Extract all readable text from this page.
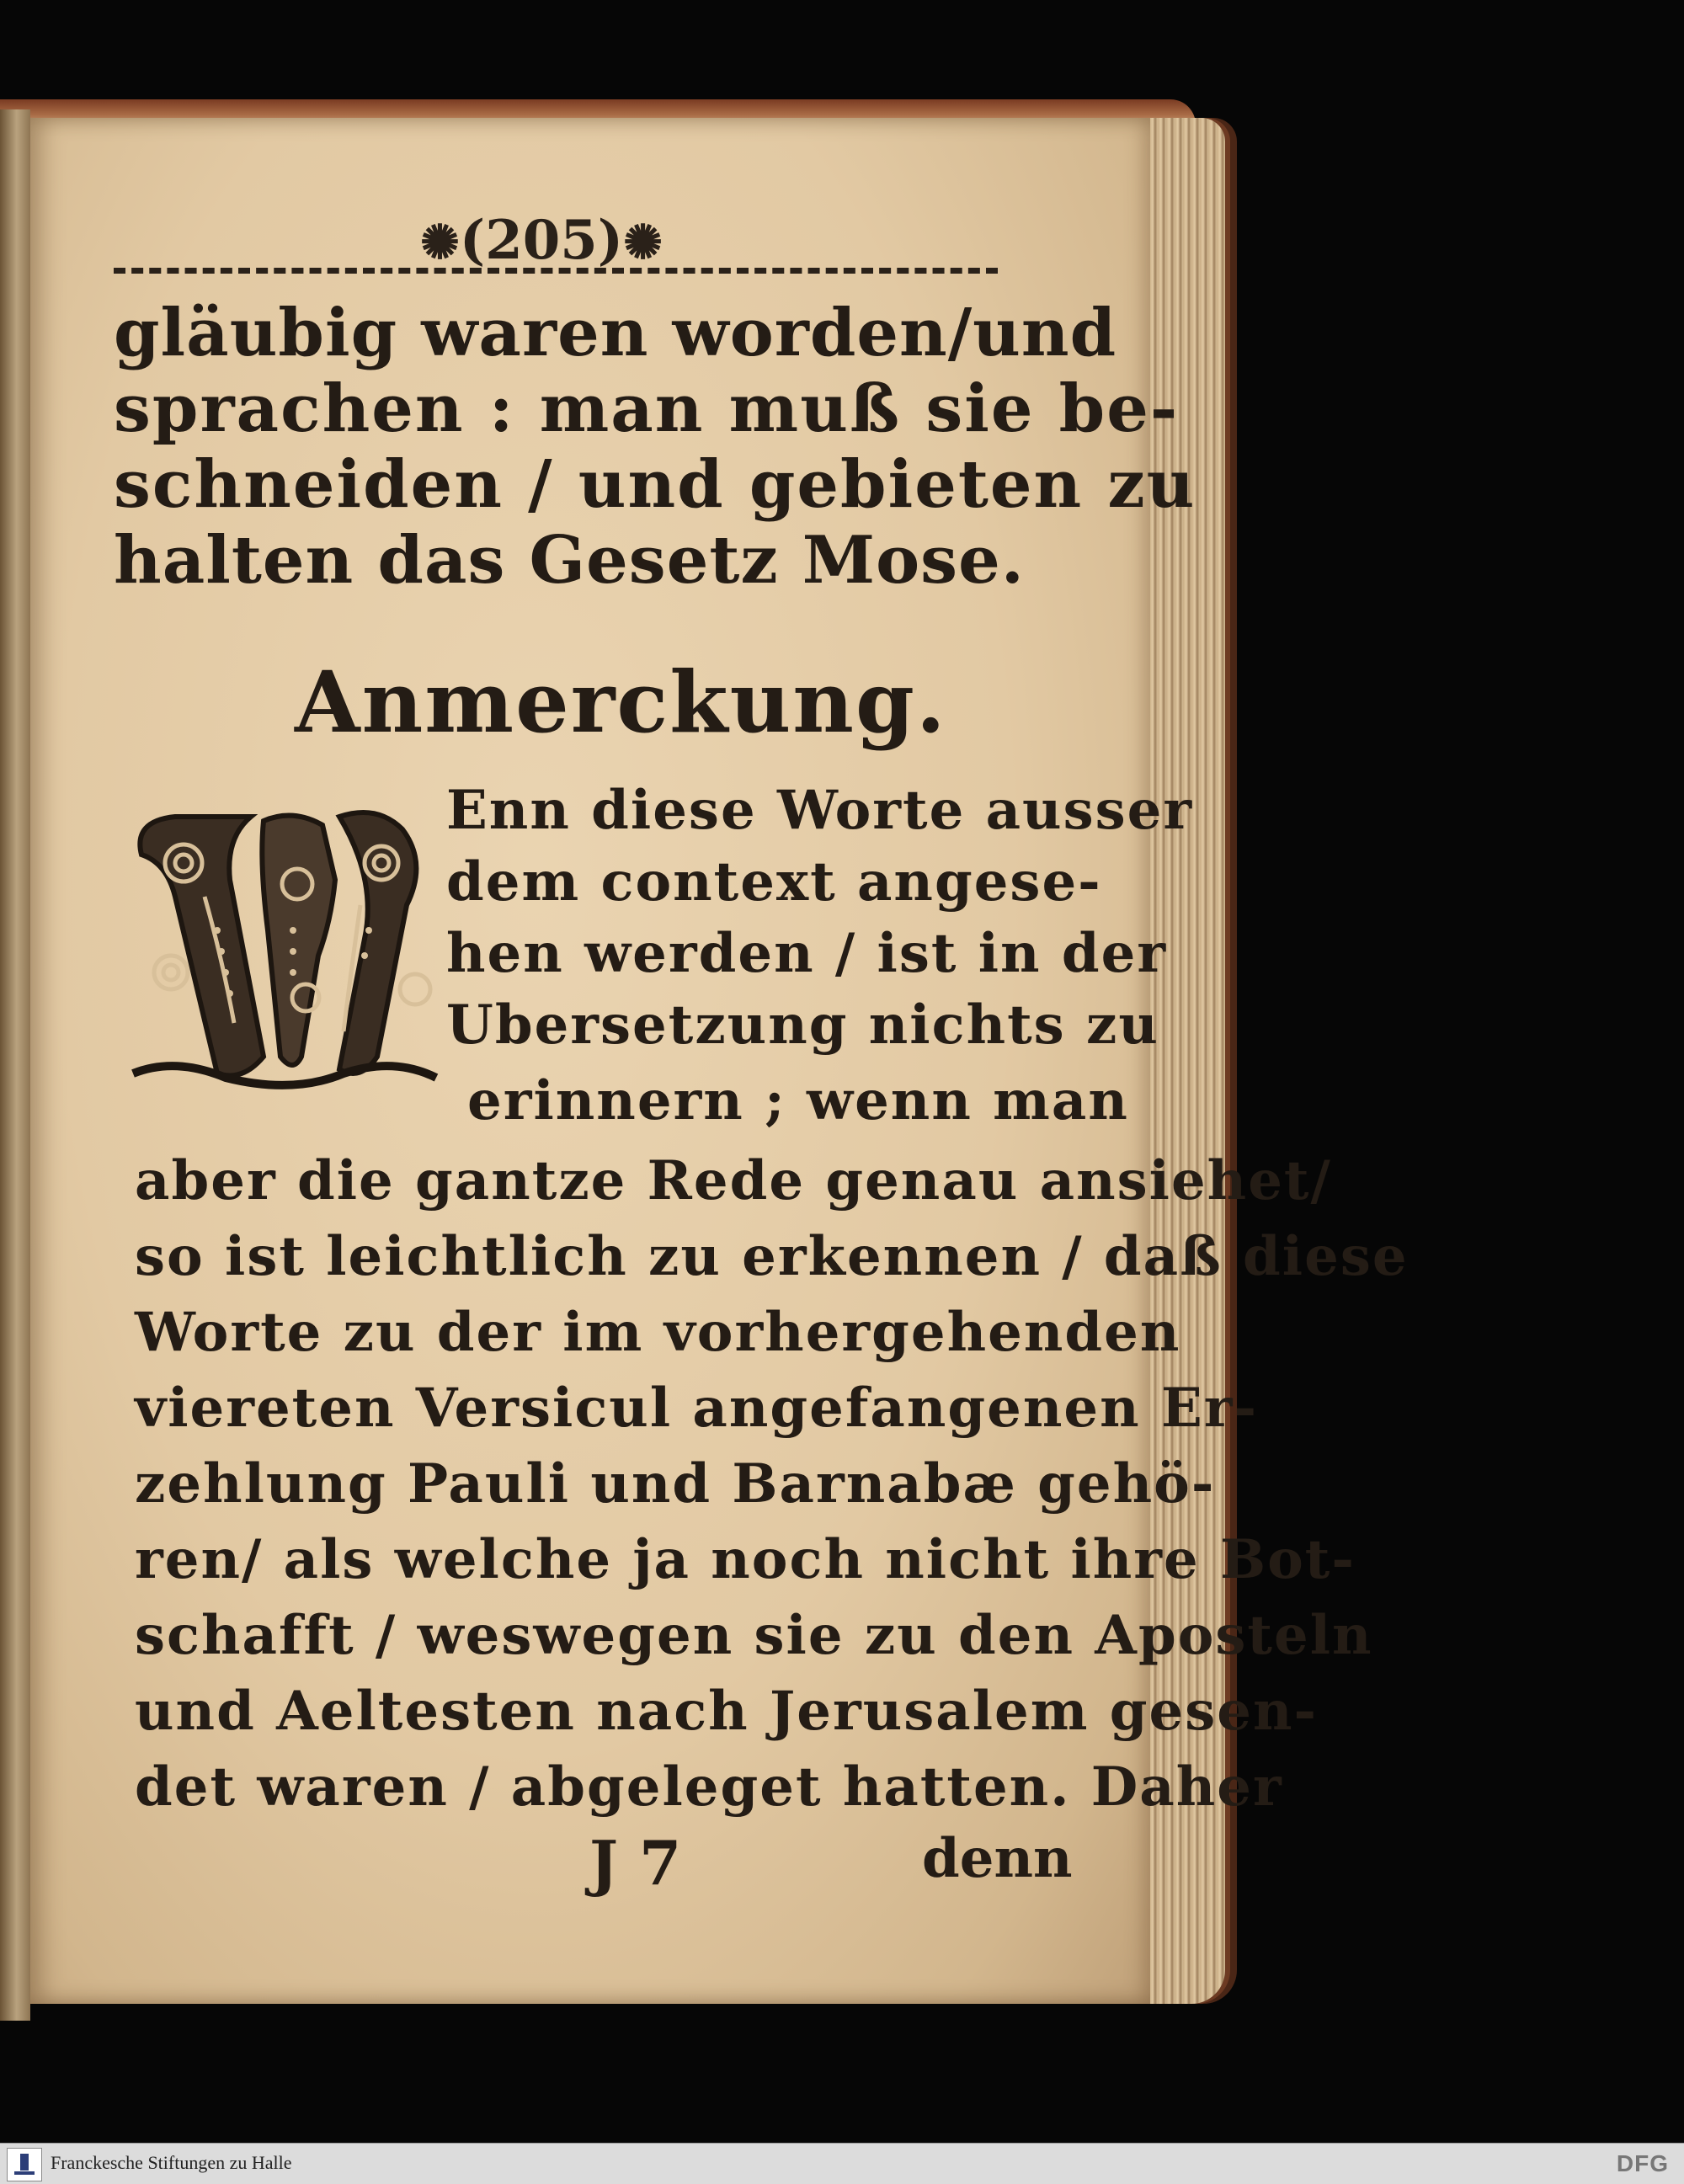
✺(205)✺
gläubig waren worden/und
sprachen : man muß sie be-
schneiden / und gebieten zu
halten das Gesetz Mose.
Anmerckung.
Enn diese Worte ausser
dem context angese-
hen werden / ist in der
Ubersetzung nichts zu
erinnern ; wenn man
aber die gantze Rede genau ansiehet/
so ist leichtlich zu erkennen / daß diese
Worte zu der im vorhergehenden
viereten Versicul angefangenen Er-
zehlung Pauli und Barnabæ gehö-
ren/ als welche ja noch nicht ihre Bot-
schafft / weswegen sie zu den Aposteln
und Aeltesten nach Jerusalem gesen-
det waren / abgeleget hatten. Daher
J 7	denn
Franckesche Stiftungen zu Halle	DFG
